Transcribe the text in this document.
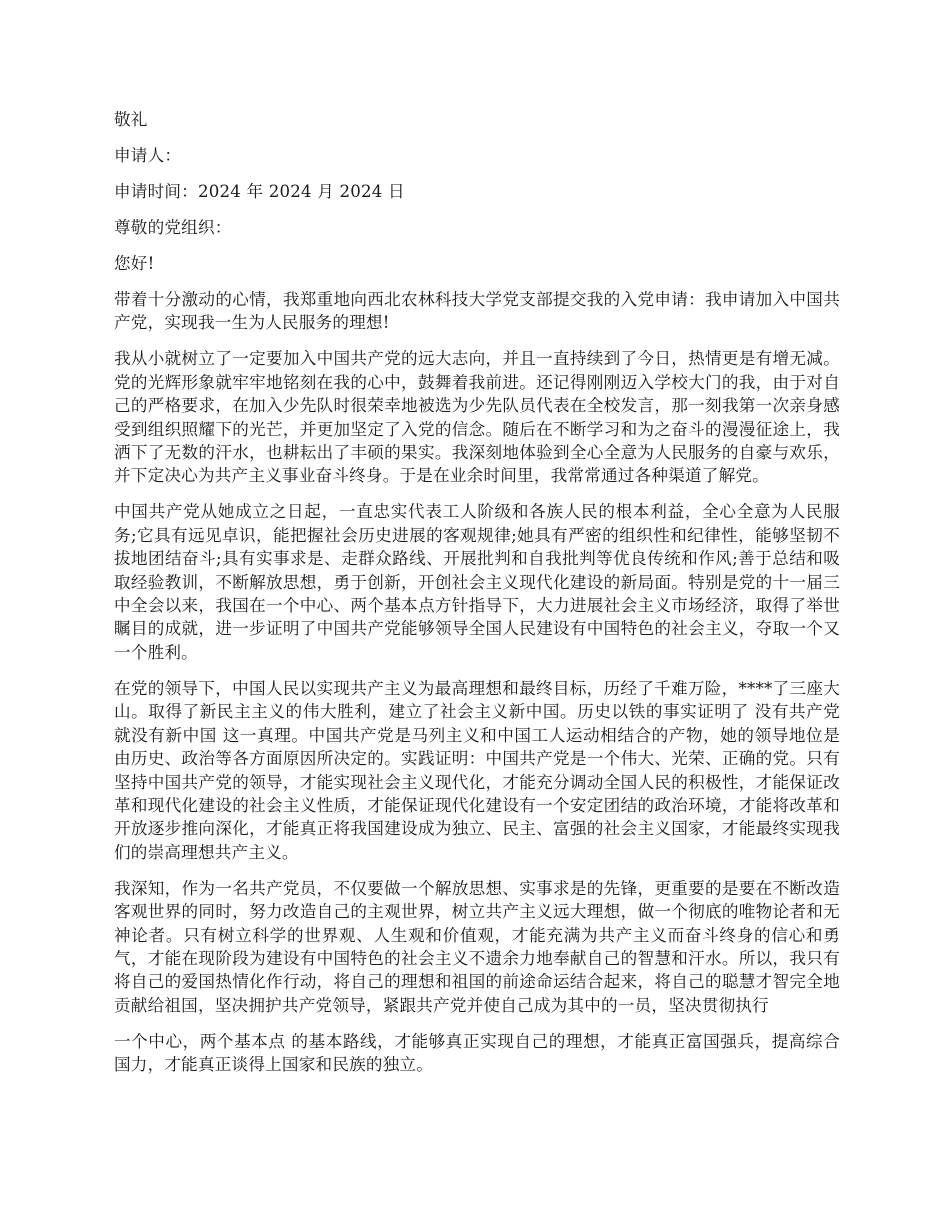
敬礼
申请人：
申请时间：2024 年 2024 月 2024 日
尊敬的党组织：
您好!

带着十分激动的心情，我郑重地向西北农林科技大学党支部提交我的入党申请：我申请加入中国共产党，实现我一生为人民服务的理想!

我从小就树立了一定要加入中国共产党的远大志向，并且一直持续到了今日，热情更是有增无减。党的光辉形象就牢牢地铭刻在我的心中，鼓舞着我前进。还记得刚刚迈入学校大门的我，由于对自己的严格要求，在加入少先队时很荣幸地被选为少先队员代表在全校发言，那一刻我第一次亲身感受到组织照耀下的光芒，并更加坚定了入党的信念。随后在不断学习和为之奋斗的漫漫征途上，我洒下了无数的汗水，也耕耘出了丰硕的果实。我深刻地体验到全心全意为人民服务的自豪与欢乐，并下定决心为共产主义事业奋斗终身。于是在业余时间里，我常常通过各种渠道了解党。

中国共产党从她成立之日起，一直忠实代表工人阶级和各族人民的根本利益，全心全意为人民服务;它具有远见卓识，能把握社会历史进展的客观规律;她具有严密的组织性和纪律性，能够坚韧不拔地团结奋斗;具有实事求是、走群众路线、开展批判和自我批判等优良传统和作风;善于总结和吸取经验教训，不断解放思想，勇于创新，开创社会主义现代化建设的新局面。特别是党的十一届三中全会以来，我国在一个中心、两个基本点方针指导下，大力进展社会主义市场经济，取得了举世瞩目的成就，进一步证明了中国共产党能够领导全国人民建设有中国特色的社会主义，夺取一个又一个胜利。

在党的领导下，中国人民以实现共产主义为最高理想和最终目标，历经了千难万险，****了三座大山。取得了新民主主义的伟大胜利，建立了社会主义新中国。历史以铁的事实证明了 没有共产党就没有新中国 这一真理。中国共产党是马列主义和中国工人运动相结合的产物，她的领导地位是由历史、政治等各方面原因所决定的。实践证明：中国共产党是一个伟大、光荣、正确的党。只有坚持中国共产党的领导，才能实现社会主义现代化，才能充分调动全国人民的积极性，才能保证改革和现代化建设的社会主义性质，才能保证现代化建设有一个安定团结的政治环境，才能将改革和开放逐步推向深化，才能真正将我国建设成为独立、民主、富强的社会主义国家，才能最终实现我们的崇高理想共产主义。

我深知，作为一名共产党员，不仅要做一个解放思想、实事求是的先锋，更重要的是要在不断改造客观世界的同时，努力改造自己的主观世界，树立共产主义远大理想，做一个彻底的唯物论者和无神论者。只有树立科学的世界观、人生观和价值观，才能充满为共产主义而奋斗终身的信心和勇气，才能在现阶段为建设有中国特色的社会主义不遗余力地奉献自己的智慧和汗水。所以，我只有将自己的爱国热情化作行动，将自己的理想和祖国的前途命运结合起来，将自己的聪慧才智完全地贡献给祖国，坚决拥护共产党领导，紧跟共产党并使自己成为其中的一员，坚决贯彻执行

一个中心，两个基本点 的基本路线，才能够真正实现自己的理想，才能真正富国强兵，提高综合国力，才能真正谈得上国家和民族的独立。
